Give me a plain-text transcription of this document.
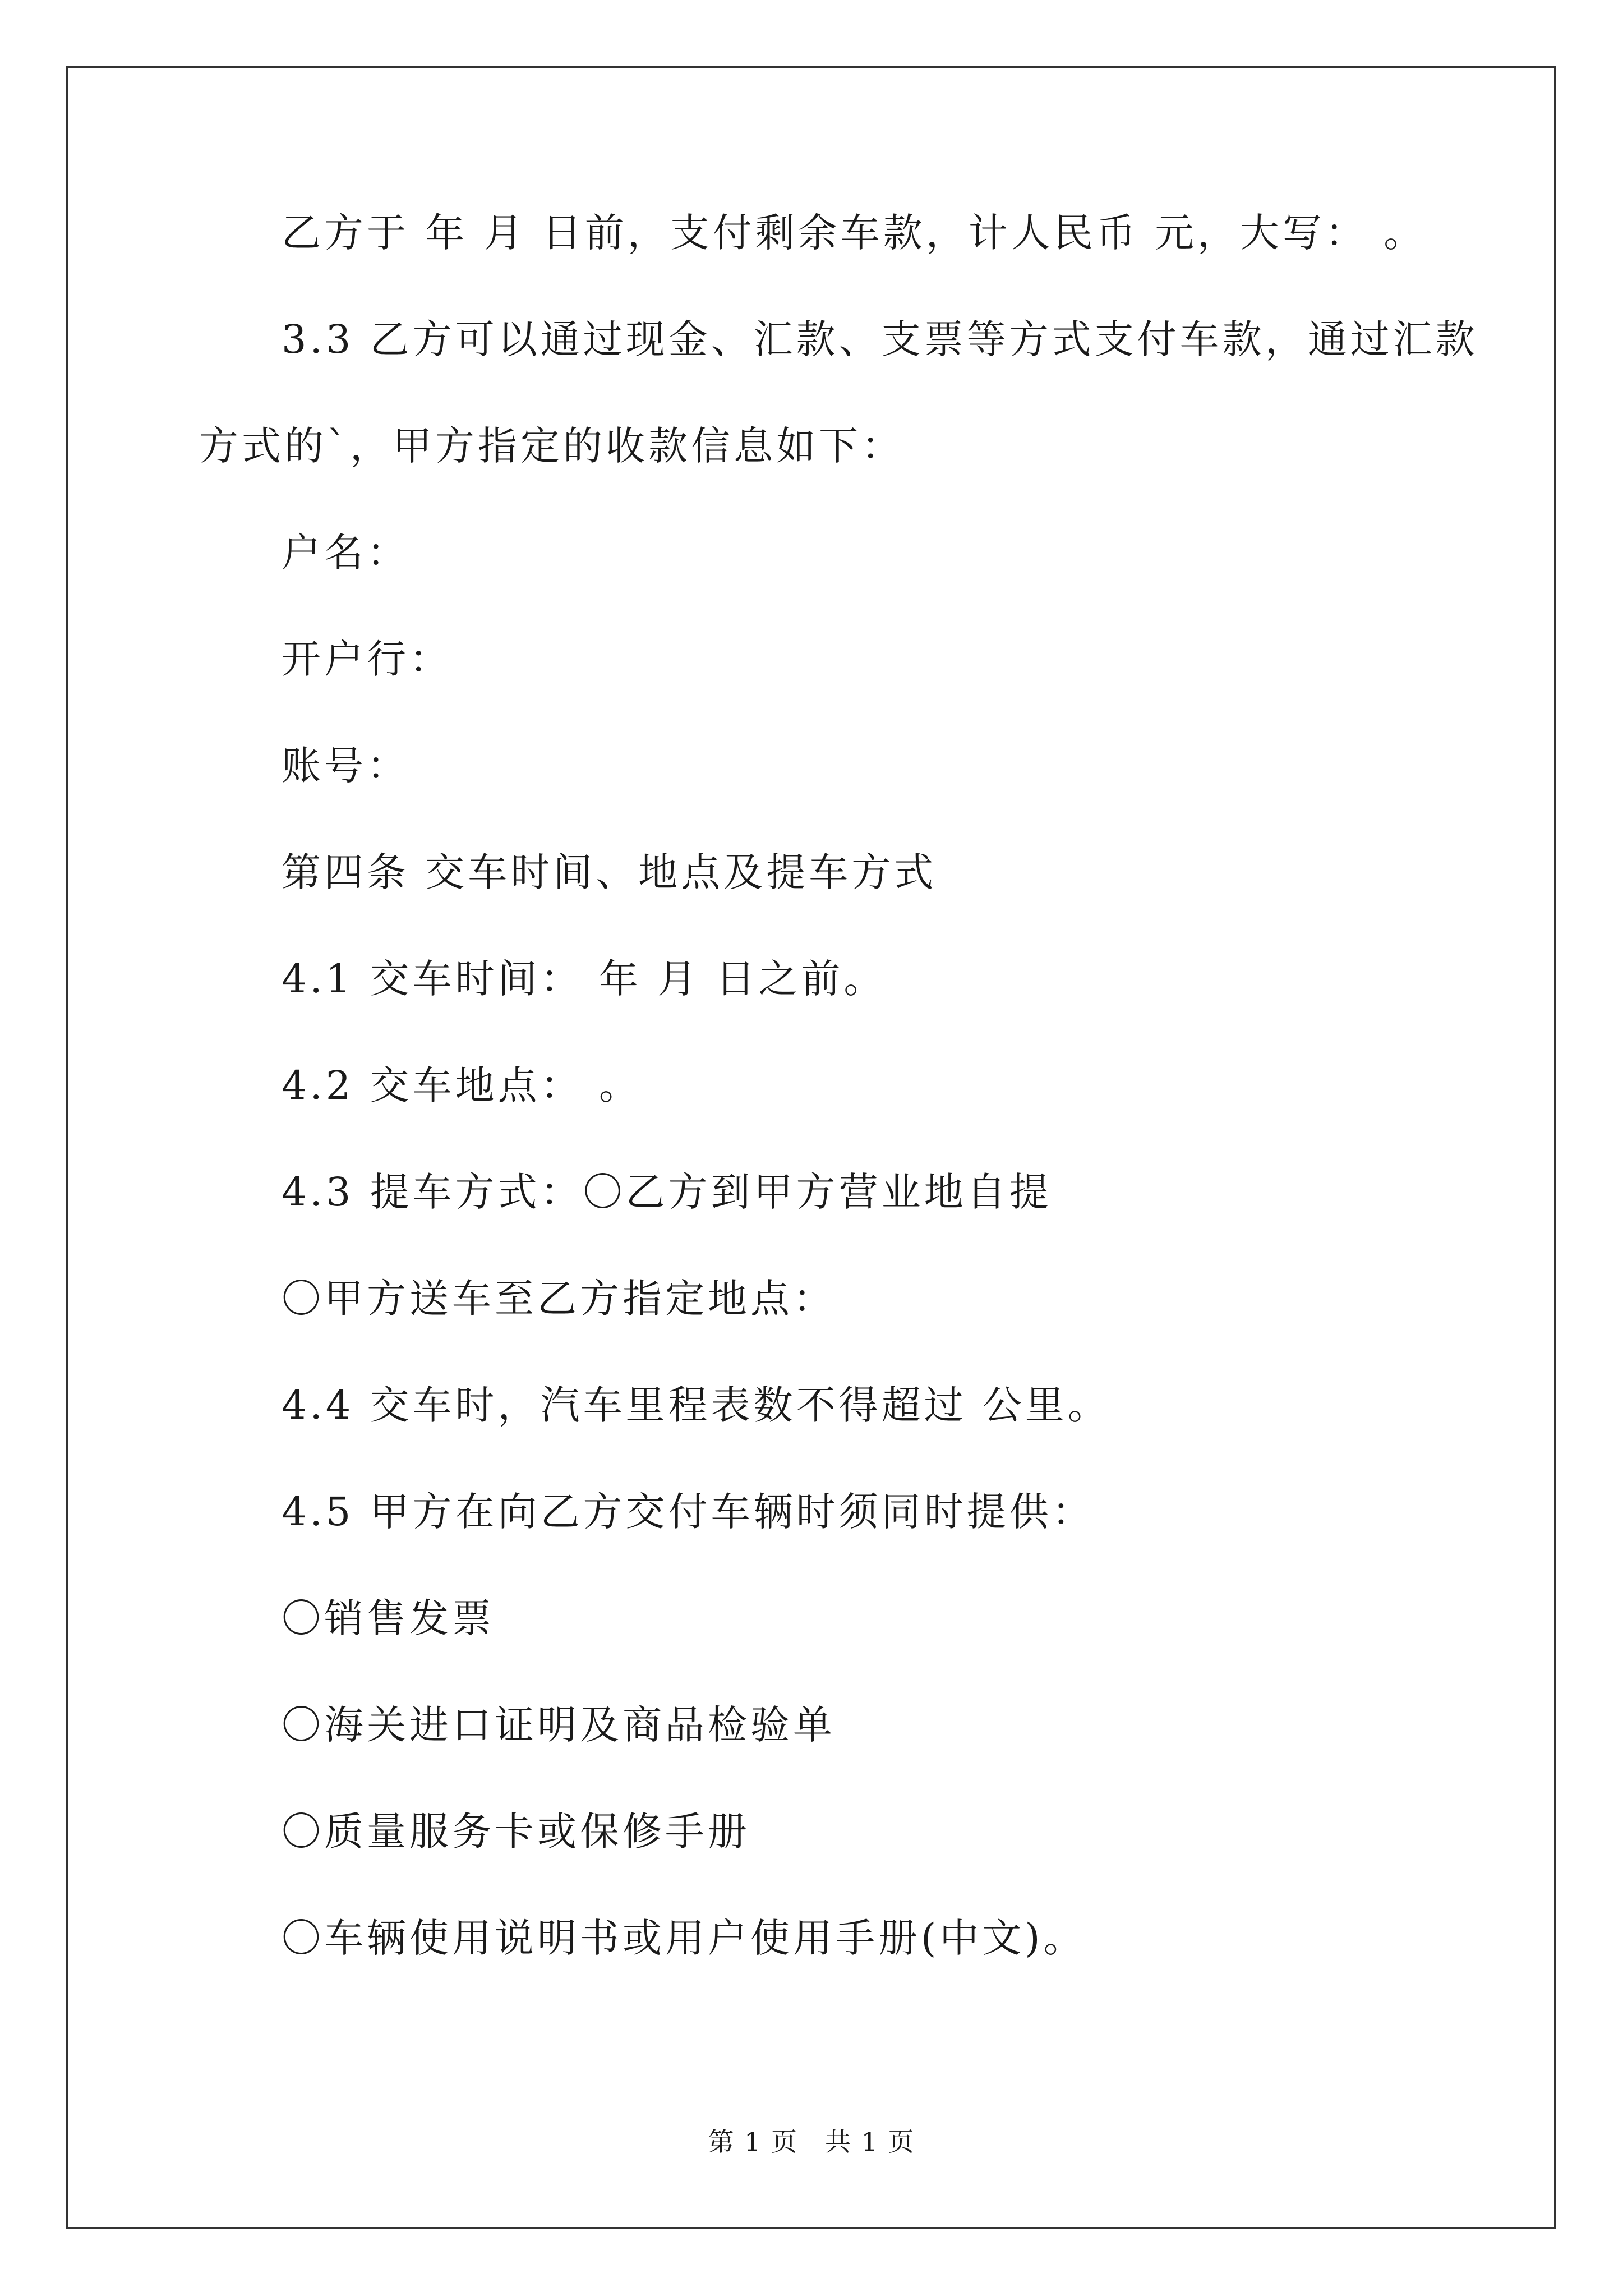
乙方于 年 月 日前，支付剩余车款，计人民币 元，大写： 。
3.3 乙方可以通过现金、汇款、支票等方式支付车款，通过汇款
方式的`，甲方指定的收款信息如下：
户名：
开户行：
账号：
第四条 交车时间、地点及提车方式
4.1 交车时间： 年 月 日之前。
4.2 交车地点： 。
4.3 提车方式：〇乙方到甲方营业地自提
〇甲方送车至乙方指定地点：
4.4 交车时，汽车里程表数不得超过 公里。
4.5 甲方在向乙方交付车辆时须同时提供：
〇销售发票
〇海关进口证明及商品检验单
〇质量服务卡或保修手册
〇车辆使用说明书或用户使用手册(中文)。
第 1 页　共 1 页
